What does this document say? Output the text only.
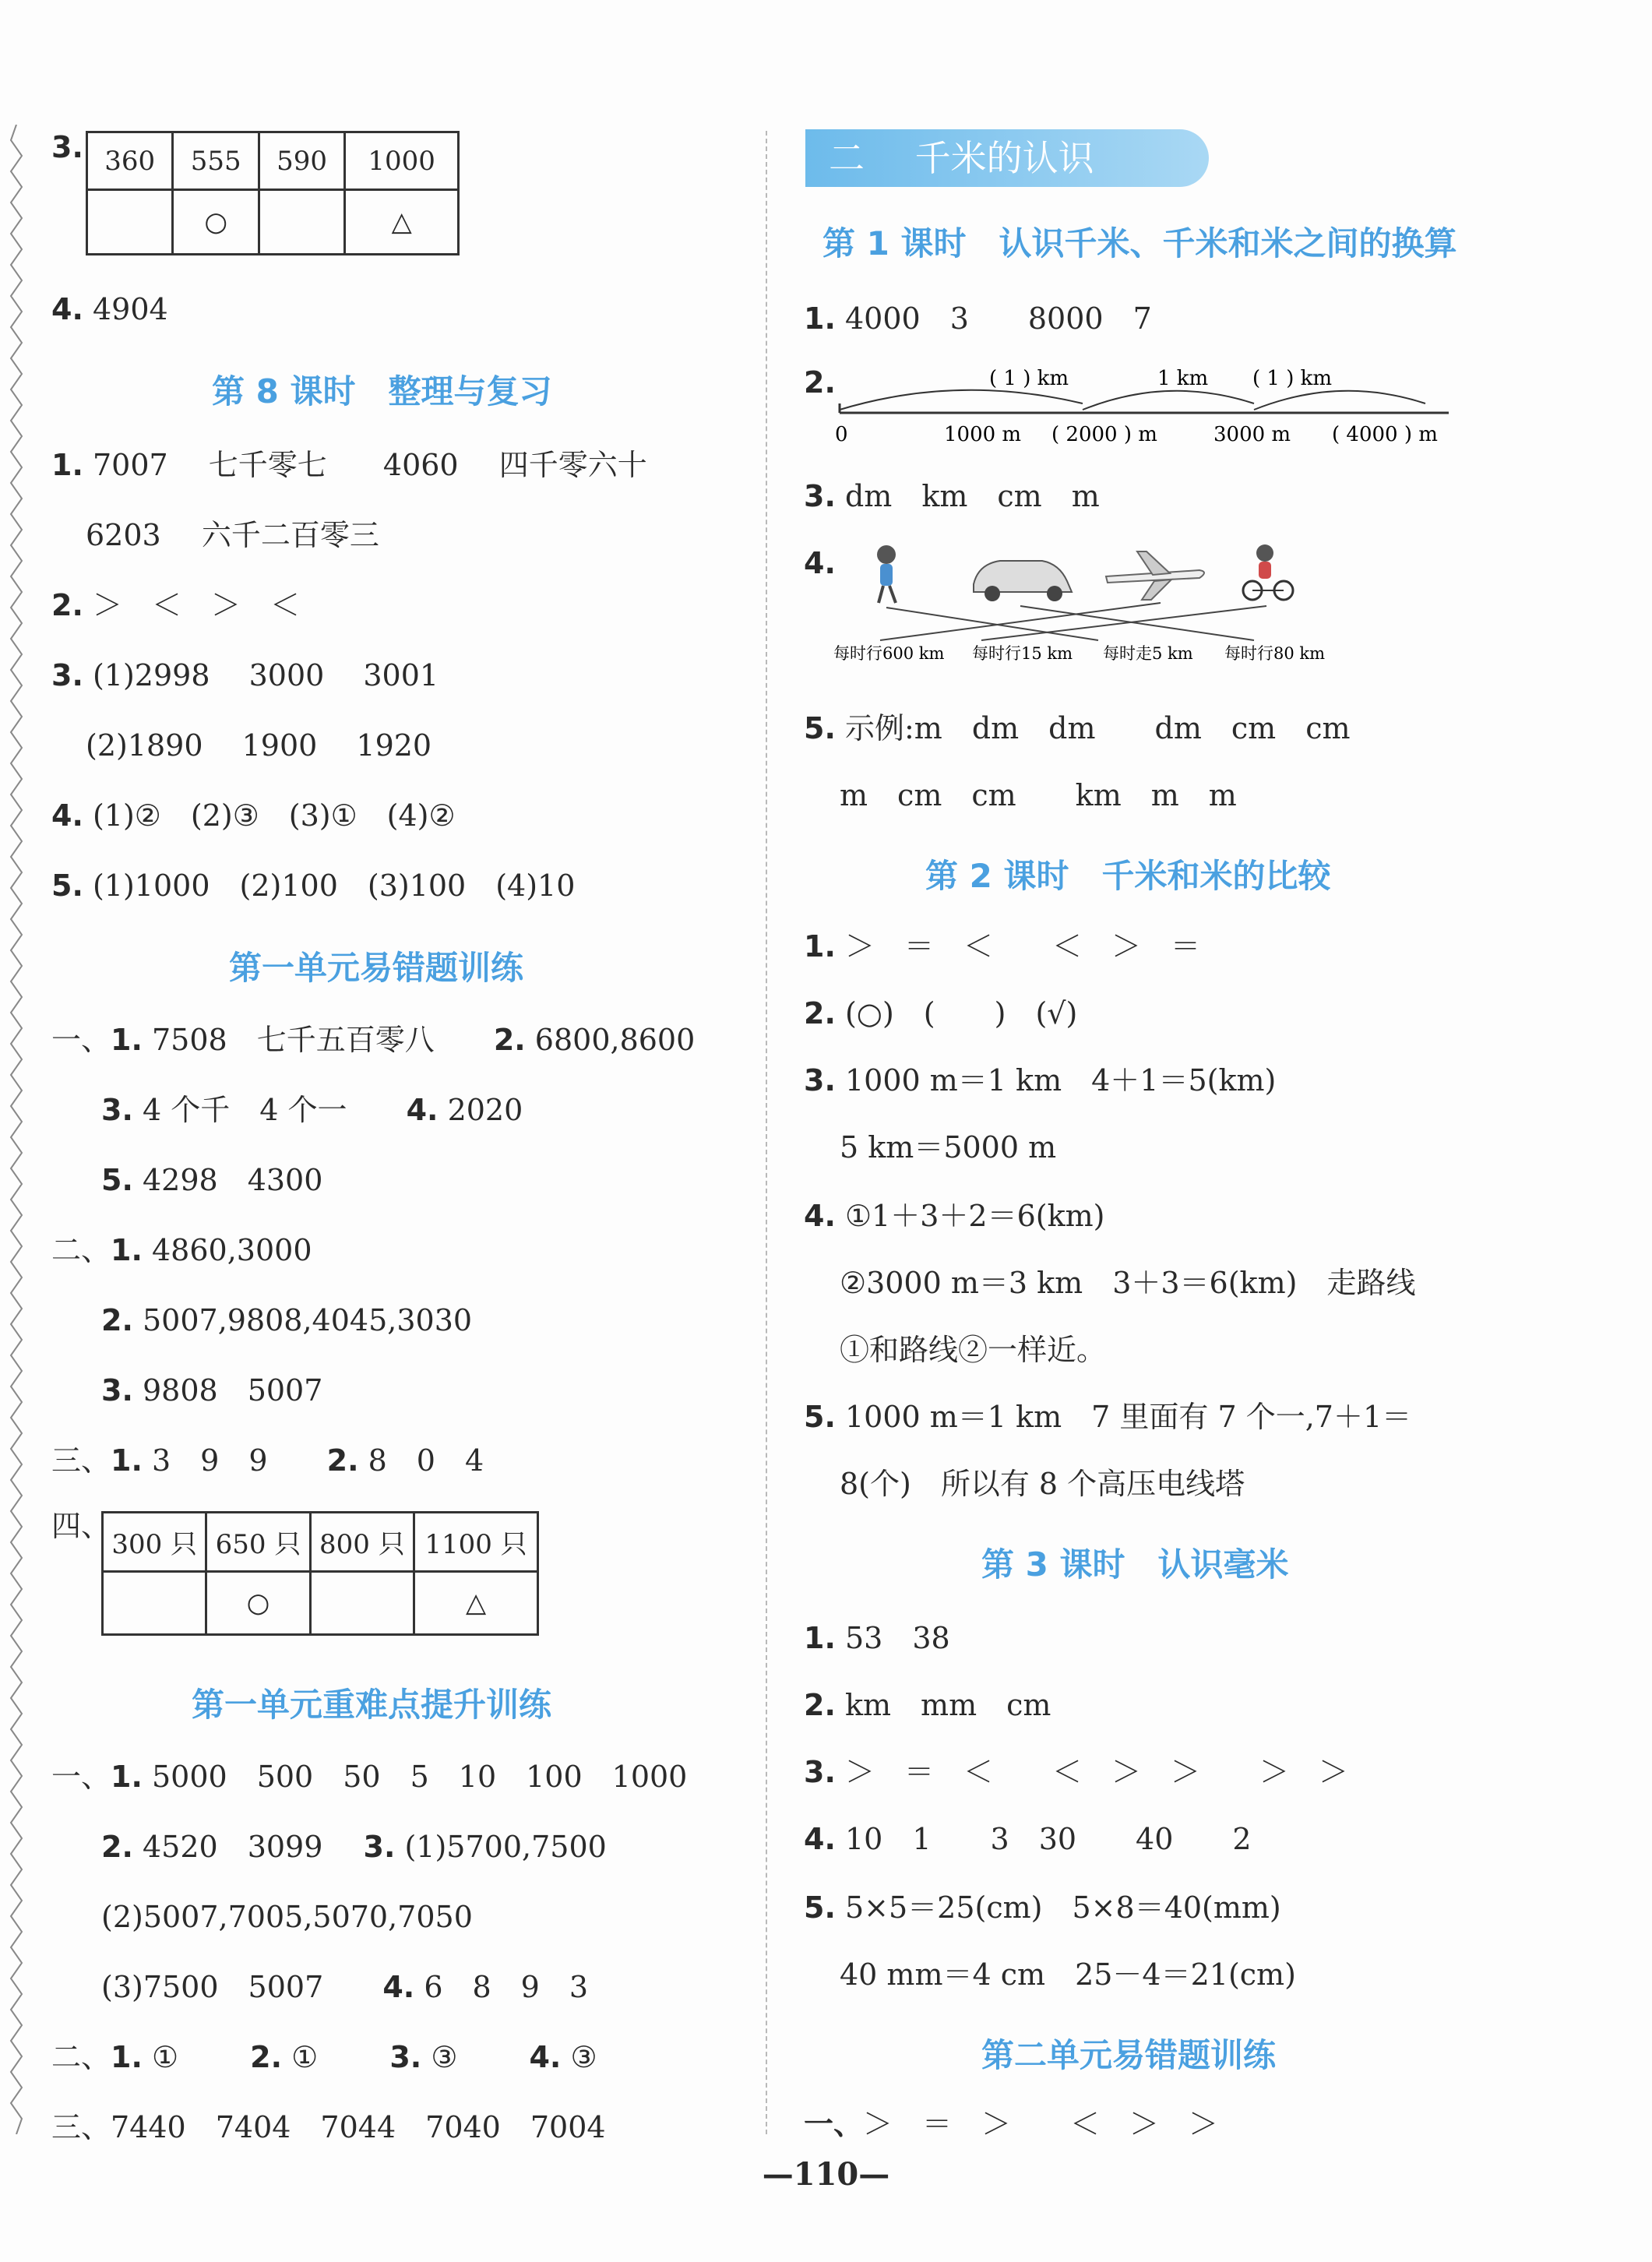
3. 360	555	590	1000
	○		△
4. 4904
第 8 课时　整理与复习
1. 7007 七千零七 4060 四千零六十
6203 六千二百零三
2. ＞　＜　＞　＜
3. (1)2998　 3000　 3001
(2)1890　 1900　 1920
4. (1)②　(2)③　(3)①　(4)②
5. (1)1000　(2)100　(3)100　(4)10
第一单元易错题训练
一、1. 7508　七千五百零八 2. 6800,8600
3. 4 个千　4 个一 4. 2020
5. 4298　4300
二、1. 4860,3000
2. 5007,9808,4045,3030
3. 9808　5007
三、1. 3　9　9 2. 8　0　4
四、
300 只	650 只	800 只	1100 只
	○		△
第一单元重难点提升训练
一、1. 5000　500　50　5　10　100　1000
2. 4520　3099 3. (1)5700,7500
(2)5007,7005,5070,7050
(3)7500　5007 4. 6　8　9　3
二、1. ① 2. ① 3. ③ 4. ③
三、7440　7404　7044　7040　7004
二 千米的认识
第 1 课时　认识千米、千米和米之间的换算
1. 4000　3　　8000　7
2.	( 1 ) km	1 km ( 1 ) km
0	1000 m ( 2000 ) m	3000 m ( 4000 ) m
3. dm　km　cm　m
4.
每时行600 km 每时行15 km 每时走5 km 每时行80 km
5. 示例:m　dm　dm　　dm　cm　cm
m　cm　cm　　km　m　m
第 2 课时　千米和米的比较
1. ＞　＝　＜　　＜　＞　＝
2. (○)　(　　)　(√)
3. 1000 m＝1 km　4＋1＝5(km)
5 km＝5000 m
4. ①1＋3＋2＝6(km)
②3000 m＝3 km　3＋3＝6(km)　走路线
①和路线②一样近。
5. 1000 m＝1 km　7 里面有 7 个一,7＋1＝
8(个)　所以有 8 个高压电线塔
第 3 课时　认识毫米
1. 53　38
2. km　mm　cm
3. ＞　＝　＜　　＜　＞　＞　　＞　＞
4. 10　1　　3　30　　40　　2
5. 5×5＝25(cm)　5×8＝40(mm)
40 mm＝4 cm　25－4＝21(cm)
第二单元易错题训练
一、＞　＝　＞　　＜　＞　＞
—110—
